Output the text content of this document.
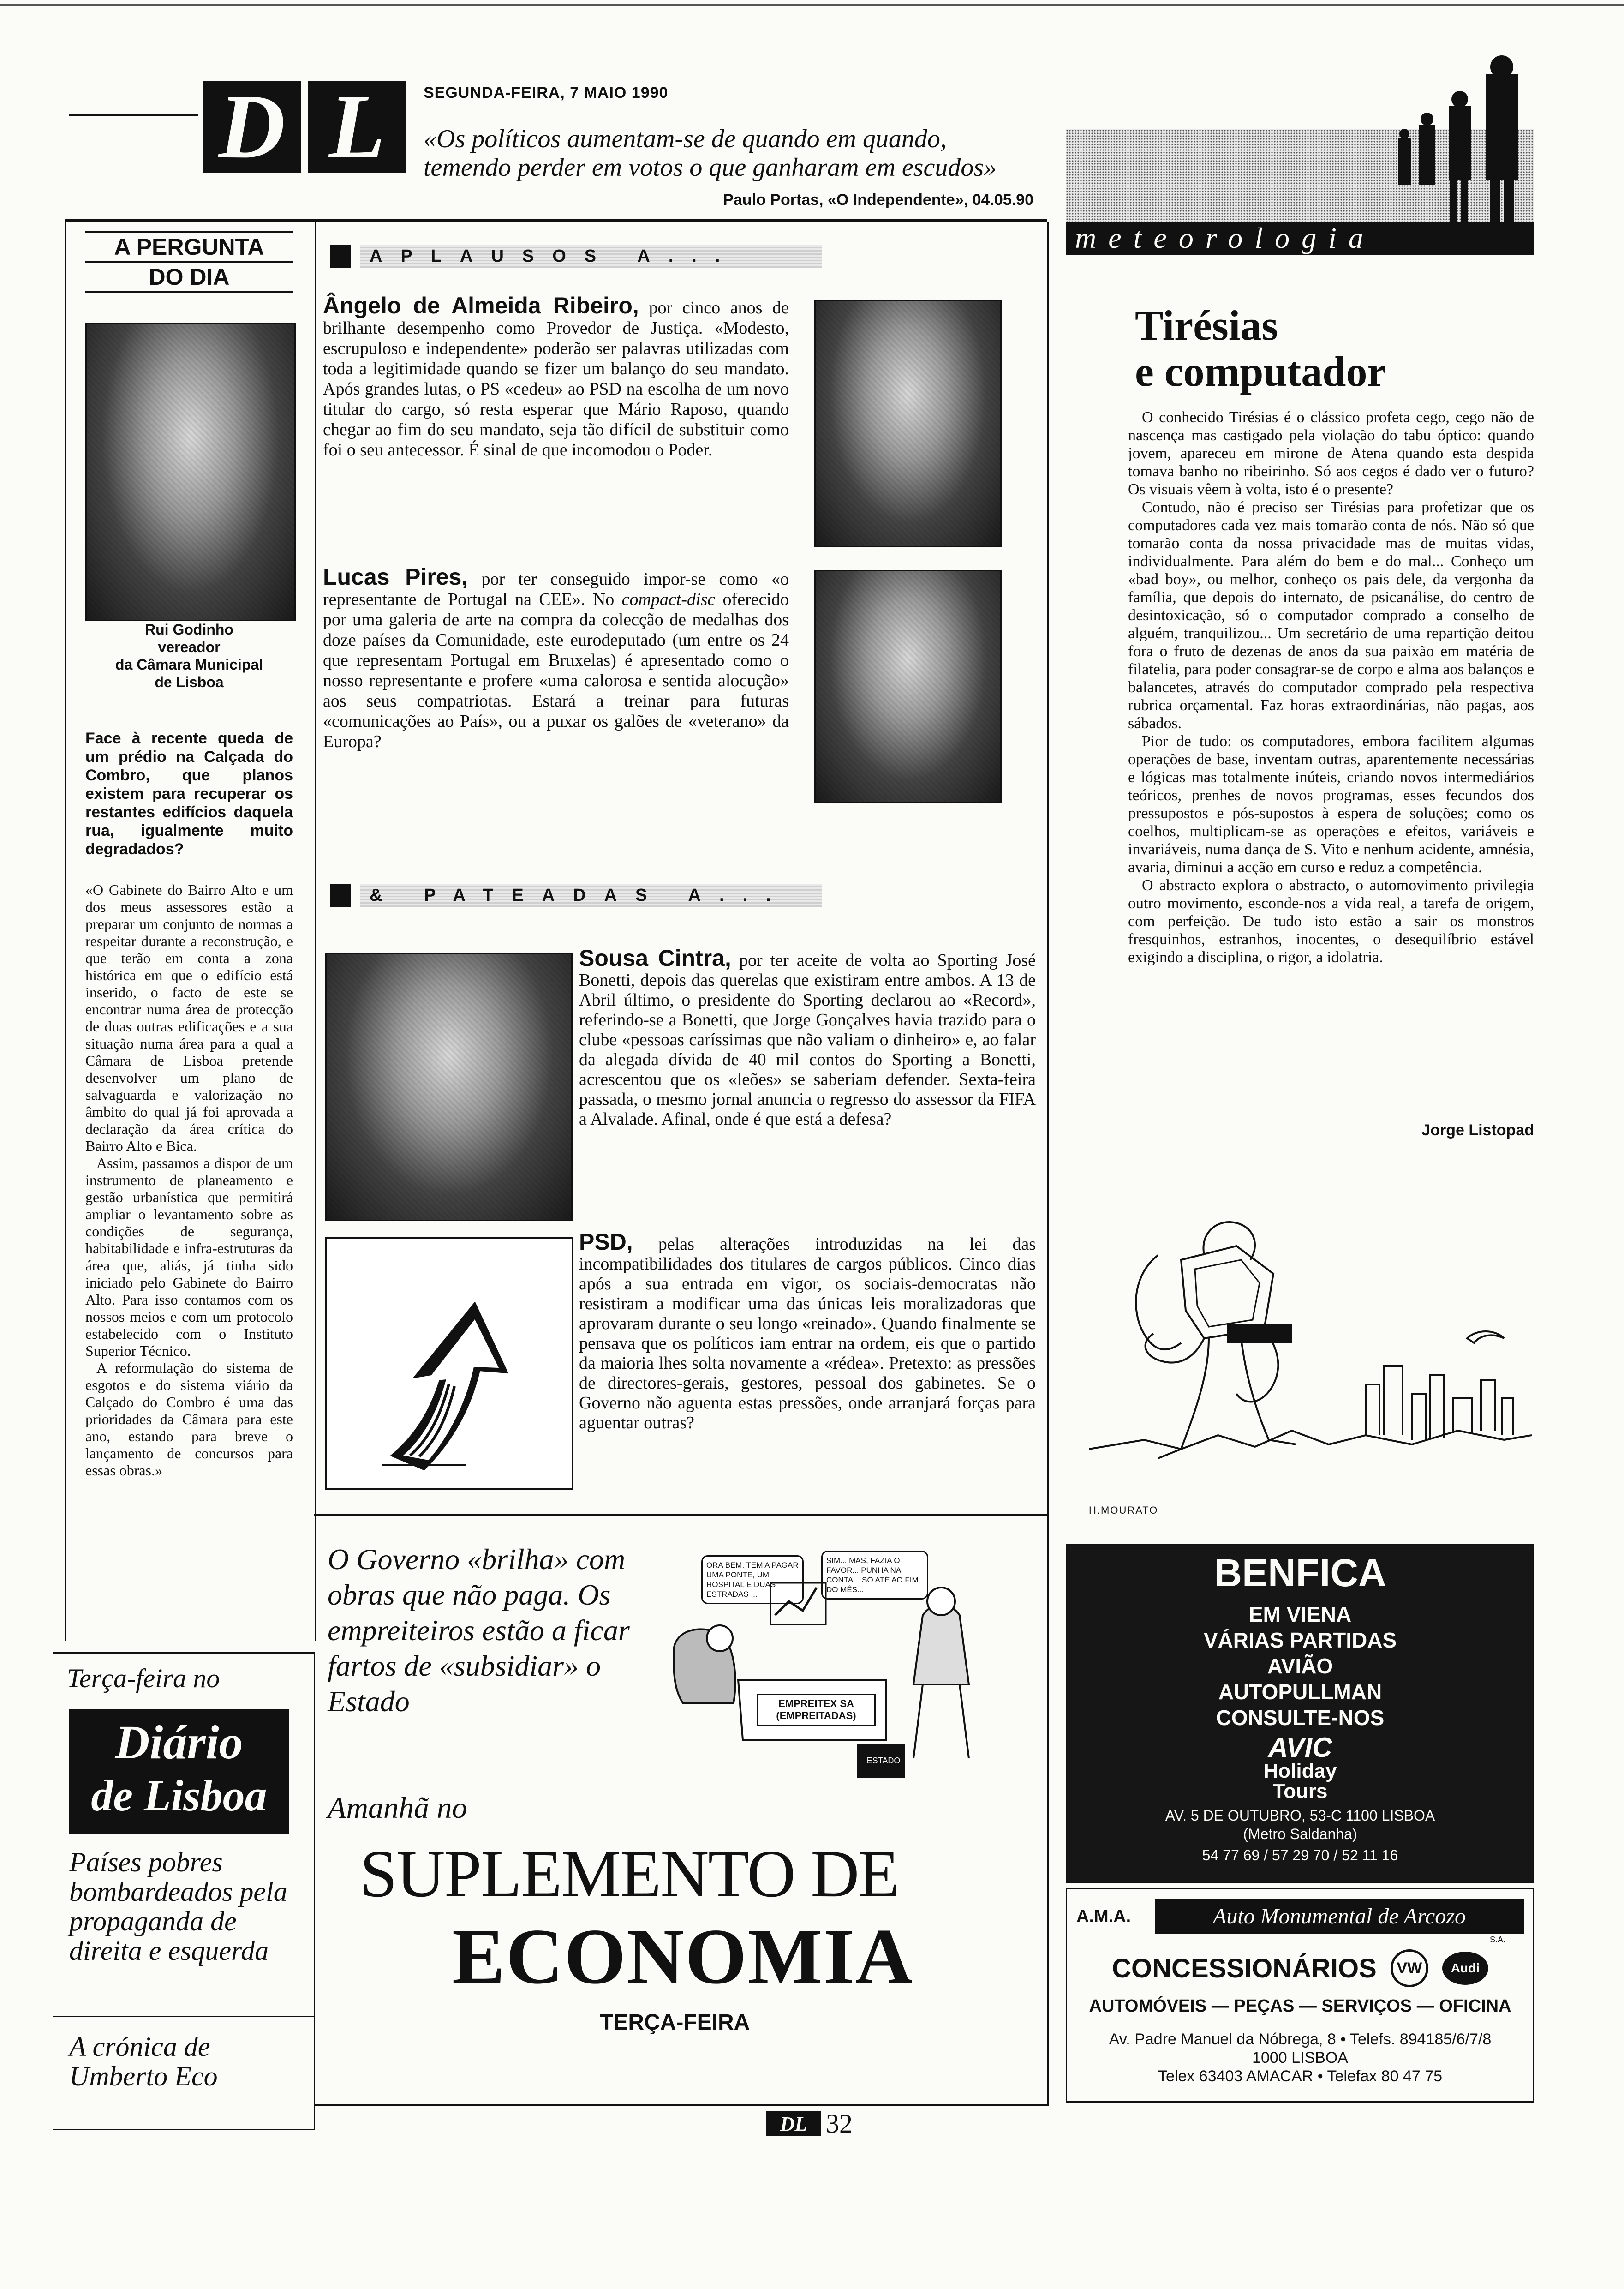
D L SEGUNDA-FEIRA, 7 MAIO 1990
«Os políticos aumentam-se de quando em quando, temendo perder em votos o que ganharam em escudos»
Paulo Portas, «O Independente», 04.05.90
A PERGUNTA
DO DIA
Rui Godinho
vereador
da Câmara Municipal
de Lisboa

Face à recente queda de um prédio na Calçada do Combro, que planos existem para recuperar os restantes edifícios daquela rua, igualmente muito degradados?

«O Gabinete do Bairro Alto e um dos meus assessores estão a preparar um conjunto de normas a respeitar durante a reconstrução, e que terão em conta a zona histórica em que o edifício está inserido, o facto de este se encontrar numa área de protecção de duas outras edificações e a sua situação numa área para a qual a Câmara de Lisboa pretende desenvolver um plano de salvaguarda e valorização no âmbito do qual já foi aprovada a declaração da área crítica do Bairro Alto e Bica.

Assim, passamos a dispor de um instrumento de planeamento e gestão urbanística que permitirá ampliar o levantamento sobre as condições de segurança, habitabilidade e infra-estruturas da área que, aliás, já tinha sido iniciado pelo Gabinete do Bairro Alto. Para isso contamos com os nossos meios e com um protocolo estabelecido com o Instituto Superior Técnico.

A reformulação do sistema de esgotos e do sistema viário da Calçado do Combro é uma das prioridades da Câmara para este ano, estando para breve o lançamento de concursos para essas obras.»

APLAUSOS A...

Ângelo de Almeida Ribeiro, por cinco anos de brilhante desempenho como Provedor de Justiça. «Modesto, escrupuloso e independente» poderão ser palavras utilizadas com toda a legitimidade quando se fizer um balanço do seu mandato. Após grandes lutas, o PS «cedeu» ao PSD na escolha de um novo titular do cargo, só resta esperar que Mário Raposo, quando chegar ao fim do seu mandato, seja tão difícil de substituir como foi o seu antecessor. É sinal de que incomodou o Poder.

Lucas Pires, por ter conseguido impor-se como «o representante de Portugal na CEE». No compact-disc oferecido por uma galeria de arte na compra da colecção de medalhas dos doze países da Comunidade, este eurodeputado (um entre os 24 que representam Portugal em Bruxelas) é apresentado como o nosso representante e profere «uma calorosa e sentida alocução» aos seus compatriotas. Estará a treinar para futuras «comunicações ao País», ou a puxar os galões de «veterano» da Europa?

& PATEADAS A...

Sousa Cintra, por ter aceite de volta ao Sporting José Bonetti, depois das querelas que existiram entre ambos. A 13 de Abril último, o presidente do Sporting declarou ao «Record», referindo-se a Bonetti, que Jorge Gonçalves havia trazido para o clube «pessoas caríssimas que não valiam o dinheiro» e, ao falar da alegada dívida de 40 mil contos do Sporting a Bonetti, acrescentou que os «leões» se saberiam defender. Sexta-feira passada, o mesmo jornal anuncia o regresso do assessor da FIFA a Alvalade. Afinal, onde é que está a defesa?

PSD, pelas alterações introduzidas na lei das incompatibilidades dos titulares de cargos públicos. Cinco dias após a sua entrada em vigor, os sociais-democratas não resistiram a modificar uma das únicas leis moralizadoras que aprovaram durante o seu longo «reinado». Quando finalmente se pensava que os políticos iam entrar na ordem, eis que o partido da maioria lhes solta novamente a «rédea». Pretexto: as pressões de directores-gerais, gestores, pessoal dos gabinetes. Se o Governo não aguenta estas pressões, onde arranjará forças para aguentar outras?

meteorologia
Tirésias
e computador

O conhecido Tirésias é o clássico profeta cego, cego não de nascença mas castigado pela violação do tabu óptico: quando jovem, apareceu em mirone de Atena quando esta despida tomava banho no ribeirinho. Só aos cegos é dado ver o futuro? Os visuais vêem à volta, isto é o presente?

Contudo, não é preciso ser Tirésias para profetizar que os computadores cada vez mais tomarão conta de nós. Não só que tomarão conta da nossa privacidade mas de muitas vidas, individualmente. Para além do bem e do mal... Conheço um «bad boy», ou melhor, conheço os pais dele, da vergonha da família, que depois do internato, de psicanálise, do centro de desintoxicação, só o computador comprado a conselho de alguém, tranquilizou... Um secretário de uma repartição deitou fora o fruto de dezenas de anos da sua paixão em matéria de filatelia, para poder consagrar-se de corpo e alma aos balanços e balancetes, através do computador comprado pela respectiva rubrica orçamental. Faz horas extraordinárias, não pagas, aos sábados.

Pior de tudo: os computadores, embora facilitem algumas operações de base, inventam outras, aparentemente necessárias e lógicas mas totalmente inúteis, criando novos intermediários teóricos, prenhes de novos programas, esses fecundos dos pressupostos e pós-supostos à espera de soluções; como os coelhos, multiplicam-se as operações e efeitos, variáveis e invariáveis, numa dança de S. Vito e nenhum acidente, amnésia, avaria, diminui a acção em curso e reduz a competência.

O abstracto explora o abstracto, o automovimento privilegia outro movimento, esconde-nos a vida real, a tarefa de origem, com perfeição. De tudo isto estão a sair os monstros fresquinhos, estranhos, inocentes, o desequilíbrio estável exigindo a disciplina, o rigor, a idolatria.

Jorge Listopad
H.MOURATO
Terça-feira no
Diário
de Lisboa
Países pobres bombardeados pela propaganda de direita e esquerda
A crónica de Umberto Eco
O Governo «brilha» com obras que não paga. Os empreiteiros estão a ficar fartos de «subsidiar» o Estado
ORA BEM: TEM A PAGAR UMA PONTE, UM HOSPITAL E DUAS ESTRADAS ...
SIM... MAS, FAZIA O FAVOR... PUNHA NA CONTA... SÓ ATÉ AO FIM DO MÊS...
EMPREITEX SA (EMPREITADAS)
ESTADO
Amanhã no
SUPLEMENTO DE
ECONOMIA
TERÇA-FEIRA
BENFICA
EM VIENA
VÁRIAS PARTIDAS
AVIÃO
AUTOPULLMAN
CONSULTE-NOS
AVIC
Holiday
Tours
AV. 5 DE OUTUBRO, 53-C 1100 LISBOA
(Metro Saldanha)
54 77 69 / 57 29 70 / 52 11 16
A.M.A.	Auto Monumental de Arcozo
S.A.
CONCESSIONÁRIOS	VW	Audi
AUTOMÓVEIS — PEÇAS — SERVIÇOS — OFICINA
Av. Padre Manuel da Nóbrega, 8 • Telefs. 894185/6/7/8
1000 LISBOA
Telex 63403 AMACAR • Telefax 80 47 75
DL 32
